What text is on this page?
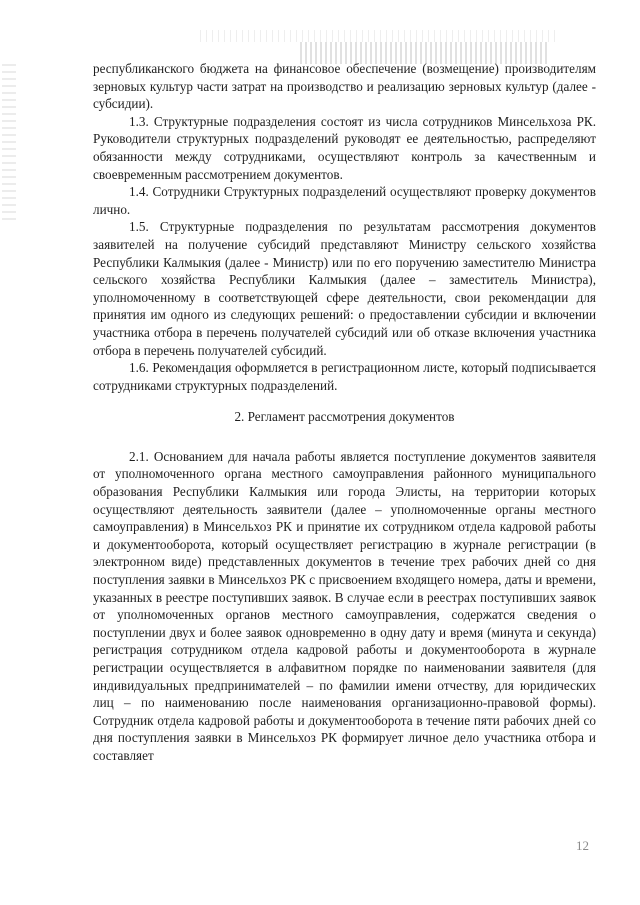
республиканского бюджета на финансовое обеспечение (возмещение) производителям зерновых культур части затрат на производство и реализацию зерновых культур (далее - субсидии).

1.3. Структурные подразделения состоят из числа сотрудников Минсельхоза РК. Руководители структурных подразделений руководят ее деятельностью, распределяют обязанности между сотрудниками, осуществляют контроль за качественным и своевременным рассмотрением документов.

1.4. Сотрудники Структурных подразделений осуществляют проверку документов лично.

1.5. Структурные подразделения по результатам рассмотрения документов заявителей на получение субсидий представляют Министру сельского хозяйства Республики Калмыкия (далее - Министр) или по его поручению заместителю Министра сельского хозяйства Республики Калмыкия (далее – заместитель Министра), уполномоченному в соответствующей сфере деятельности, свои рекомендации для принятия им одного из следующих решений: о предоставлении субсидии и включении участника отбора в перечень получателей субсидий или об отказе включения участника отбора в перечень получателей субсидий.

1.6. Рекомендация оформляется в регистрационном листе, который подписывается сотрудниками структурных подразделений.

2. Регламент рассмотрения документов

2.1. Основанием для начала работы является поступление документов заявителя от уполномоченного органа местного самоуправления районного муниципального образования Республики Калмыкия или города Элисты, на территории которых осуществляют деятельность заявители (далее – уполномоченные органы местного самоуправления) в Минсельхоз РК и принятие их сотрудником отдела кадровой работы и документооборота, который осуществляет регистрацию в журнале регистрации (в электронном виде) представленных документов в течение трех рабочих дней со дня поступления заявки в Минсельхоз РК с присвоением входящего номера, даты и времени, указанных в реестре поступивших заявок. В случае если в реестрах поступивших заявок от уполномоченных органов местного самоуправления, содержатся сведения о поступлении двух и более заявок одновременно в одну дату и время (минута и секунда) регистрация сотрудником отдела кадровой работы и документооборота в журнале регистрации осуществляется в алфавитном порядке по наименовании заявителя (для индивидуальных предпринимателей – по фамилии имени отчеству, для юридических лиц – по наименованию после наименования организационно-правовой формы). Сотрудник отдела кадровой работы и документооборота в течение пяти рабочих дней со дня поступления заявки в Минсельхоз РК формирует личное дело участника отбора и составляет

12
